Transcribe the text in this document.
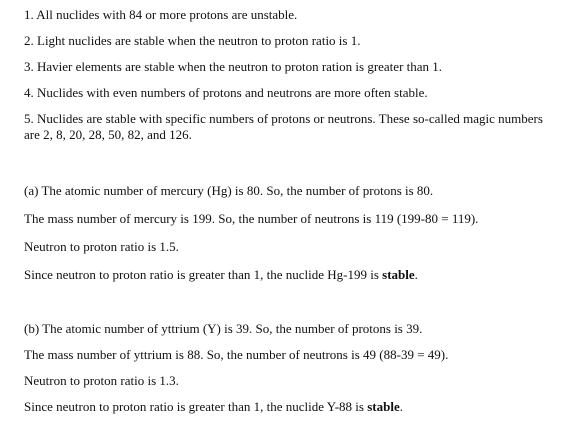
1. All nuclides with 84 or more protons are unstable.
2. Light nuclides are stable when the neutron to proton ratio is 1.
3. Havier elements are stable when the neutron to proton ration is greater than 1.
4. Nuclides with even numbers of protons and neutrons are more often stable.
5. Nuclides are stable with specific numbers of protons or neutrons. These so-called magic numbers are 2, 8, 20, 28, 50, 82, and 126.
(a) The atomic number of mercury (Hg) is 80. So, the number of protons is 80.
The mass number of mercury is 199. So, the number of neutrons is 119 (199-80 = 119).
Neutron to proton ratio is 1.5.
Since neutron to proton ratio is greater than 1, the nuclide Hg-199 is stable.
(b) The atomic number of yttrium (Y) is 39. So, the number of protons is 39.
The mass number of yttrium is 88. So, the number of neutrons is 49 (88-39 = 49).
Neutron to proton ratio is 1.3.
Since neutron to proton ratio is greater than 1, the nuclide Y-88 is stable.
